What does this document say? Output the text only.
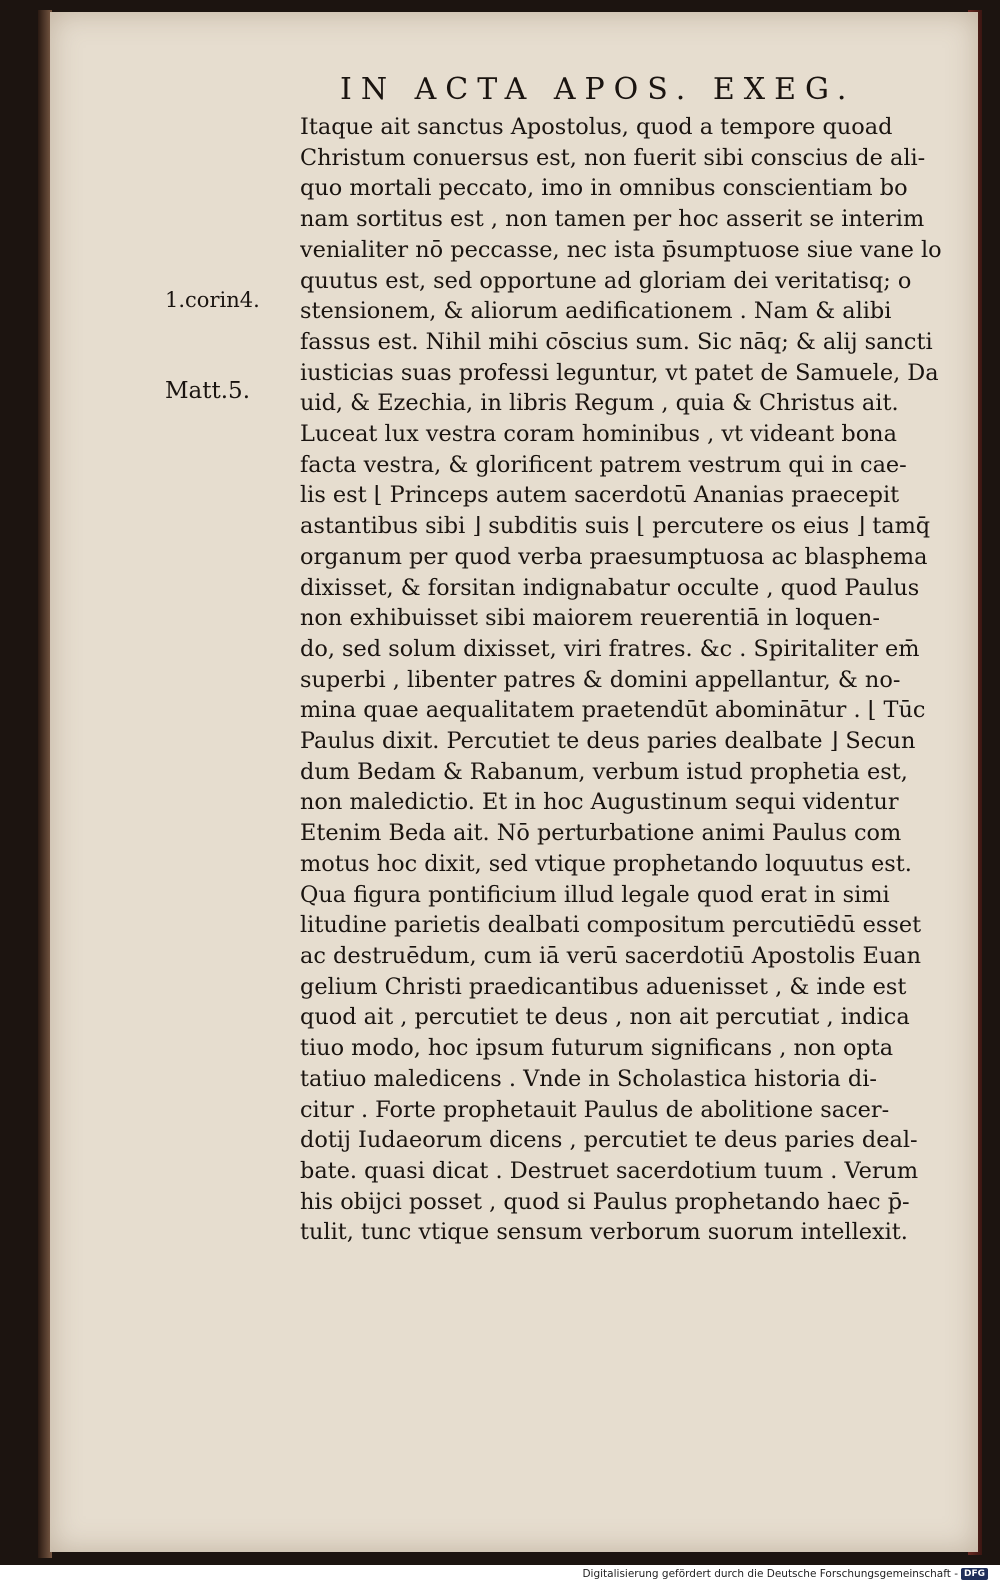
IN ACTA APOS. EXEG.
1.corin4.
Matt.5.
Itaque ait sanctus Apostolus, quod a tempore quoad
Christum conuersus est, non fuerit sibi conscius de ali-
quo mortali peccato, imo in omnibus conscientiam bo
nam sortitus est , non tamen per hoc asserit se interim
venialiter nō peccasse, nec ista p̄sumptuose siue vane lo
quutus est, sed opportune ad gloriam dei veritatisq; o
stensionem, & aliorum aedificationem . Nam & alibi
fassus est. Nihil mihi cōscius sum. Sic nāq; & alij sancti
iusticias suas professi leguntur, vt patet de Samuele, Da
uid, & Ezechia, in libris Regum , quia & Christus ait.
Luceat lux vestra coram hominibus , vt videant bona
facta vestra, & glorificent patrem vestrum qui in cae-
lis est ⌊ Princeps autem sacerdotū Ananias praecepit
astantibus sibi ⌋ subditis suis ⌊ percutere os eius ⌋ tamq̄
organum per quod verba praesumptuosa ac blasphema
dixisset, & forsitan indignabatur occulte , quod Paulus
non exhibuisset sibi maiorem reuerentiā in loquen-
do, sed solum dixisset, viri fratres. &c . Spiritaliter em̄
superbi , libenter patres & domini appellantur, & no-
mina quae aequalitatem praetendūt abominātur . ⌊ Tūc
Paulus dixit. Percutiet te deus paries dealbate ⌋ Secun
dum Bedam & Rabanum, verbum istud prophetia est,
non maledictio. Et in hoc Augustinum sequi videntur
Etenim Beda ait. Nō perturbatione animi Paulus com
motus hoc dixit, sed vtique prophetando loquutus est.
Qua figura pontificium illud legale quod erat in simi
litudine parietis dealbati compositum percutiēdū esset
ac destruēdum, cum iā verū sacerdotiū Apostolis Euan
gelium Christi praedicantibus aduenisset , & inde est
quod ait , percutiet te deus , non ait percutiat , indica
tiuo modo, hoc ipsum futurum significans , non opta
tatiuo maledicens . Vnde in Scholastica historia di-
citur . Forte prophetauit Paulus de abolitione sacer-
dotij Iudaeorum dicens , percutiet te deus paries deal-
bate. quasi dicat . Destruet sacerdotium tuum . Verum
his obijci posset , quod si Paulus prophetando haec p̄-
tulit, tunc vtique sensum verborum suorum intellexit.
Digitalisierung gefördert durch die Deutsche Forschungsgemeinschaft - DFG
